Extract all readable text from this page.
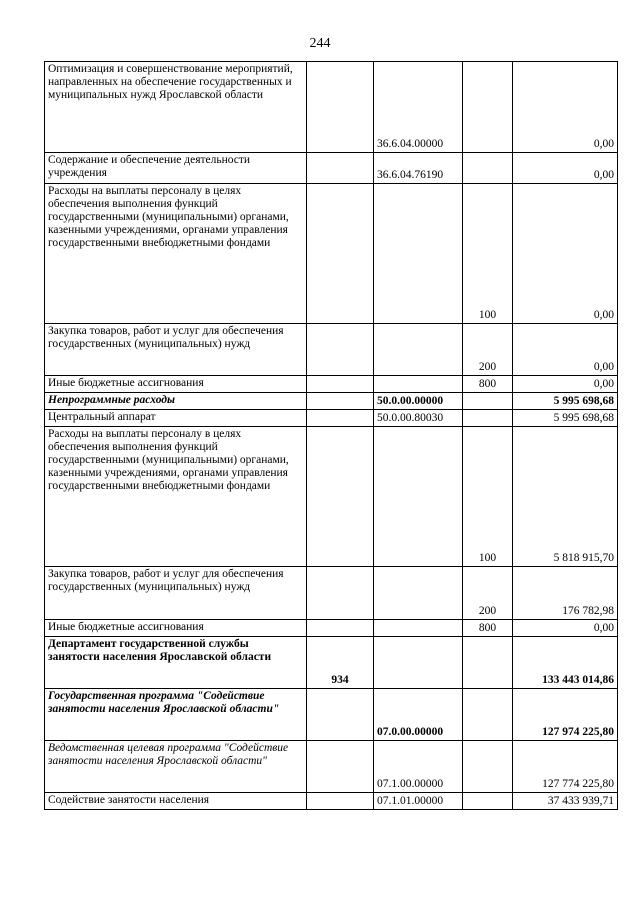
244
Оптимизация и совершенствование мероприятий, направленных на обеспечение государственных и муниципальных нужд Ярославской области		36.6.04.00000		0,00
Содержание и обеспечение деятельности учреждения		36.6.04.76190		0,00
Расходы на выплаты персоналу в целях обеспечения выполнения функций государственными (муниципальными) органами, казенными учреждениями, органами управления государственными внебюджетными фондами			100	0,00
Закупка товаров, работ и услуг для обеспечения государственных (муниципальных) нужд			200	0,00
Иные бюджетные ассигнования			800	0,00
Непрограммные расходы		50.0.00.00000		5 995 698,68
Центральный аппарат		50.0.00.80030		5 995 698,68
Расходы на выплаты персоналу в целях обеспечения выполнения функций государственными (муниципальными) органами, казенными учреждениями, органами управления государственными внебюджетными фондами			100	5 818 915,70
Закупка товаров, работ и услуг для обеспечения государственных (муниципальных) нужд			200	176 782,98
Иные бюджетные ассигнования			800	0,00
Департамент государственной службы занятости населения Ярославской области	934			133 443 014,86
Государственная программа "Содействие занятости населения Ярославской области"		07.0.00.00000		127 974 225,80
Ведомственная целевая программа "Содействие занятости населения Ярославской области"		07.1.00.00000		127 774 225,80
Содействие занятости населения		07.1.01.00000		37 433 939,71
